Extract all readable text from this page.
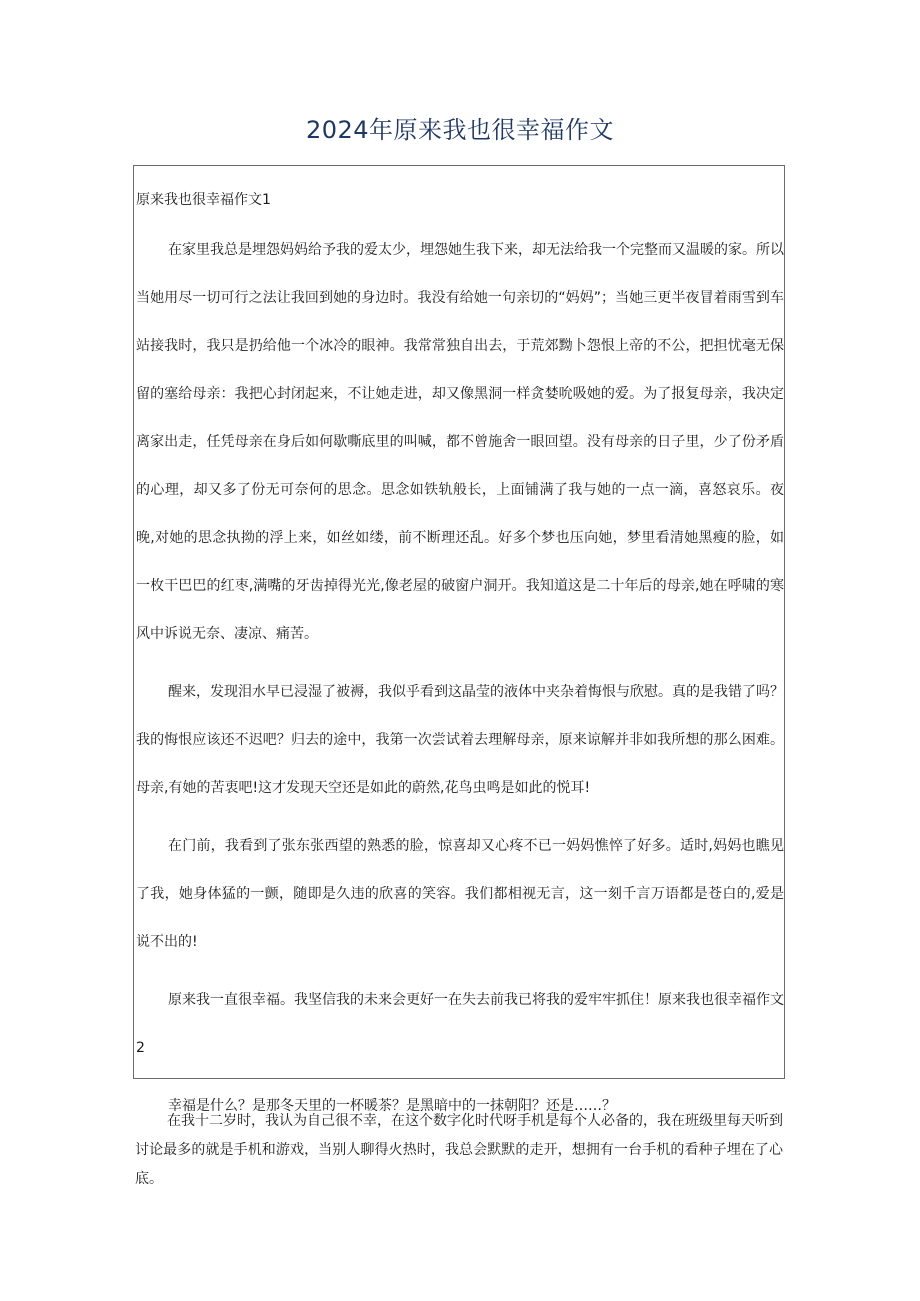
2024年原来我也很幸福作文
原来我也很幸福作文1

在家里我总是埋怨妈妈给予我的爱太少，埋怨她生我下来，却无法给我一个完整而又温暖的家。所以当她用尽一切可行之法让我回到她的身边时。我没有给她一句亲切的“妈妈”；当她三更半夜冒着雨雪到车站接我时，我只是扔给他一个冰冷的眼神。我常常独自出去，于荒郊黝卜怨恨上帝的不公，把担忧毫无保留的塞给母亲：我把心封闭起来，不让她走进，却又像黑洞一样贪婪吮吸她的爱。为了报复母亲，我决定离家出走，任凭母亲在身后如何歇嘶底里的叫喊，都不曾施舍一眼回望。没有母亲的日子里，少了份矛盾的心理，却又多了份无可奈何的思念。思念如铁轨般长，上面铺满了我与她的一点一滴，喜怒哀乐。夜晚,对她的思念执拗的浮上来，如丝如缕，前不断理还乱。好多个梦也压向她，梦里看清她黑瘦的脸，如一枚干巴巴的红枣,满嘴的牙齿掉得光光,像老屋的破窗户洞开。我知道这是二十年后的母亲,她在呼啸的寒风中诉说无奈、凄凉、痛苦。

醒来，发现泪水早已浸湿了被褥，我似乎看到这晶莹的液体中夹杂着悔恨与欣慰。真的是我错了吗？我的悔恨应该还不迟吧？归去的途中，我第一次尝试着去理解母亲，原来谅解并非如我所想的那么困难。母亲,有她的苦衷吧!这才发现天空还是如此的蔚然,花鸟虫鸣是如此的悦耳!

在门前，我看到了张东张西望的熟悉的脸，惊喜却又心疼不已一妈妈憔悴了好多。适时,妈妈也瞧见了我，她身体猛的一颤，随即是久违的欣喜的笑容。我们都相视无言，这一刻千言万语都是苍白的,爱是说不出的!

原来我一直很幸福。我坚信我的未来会更好一在失去前我已将我的爱牢牢抓住！原来我也很幸福作文2

幸福是什么？是那冬天里的一杯暖茶？是黑暗中的一抹朝阳？还是……？

在我十二岁时，我认为自己很不幸，在这个数字化时代呀手机是每个人必备的，我在班级里每天听到讨论最多的就是手机和游戏，当别人聊得火热时，我总会默默的走开，想拥有一台手机的看种子埋在了心底。
